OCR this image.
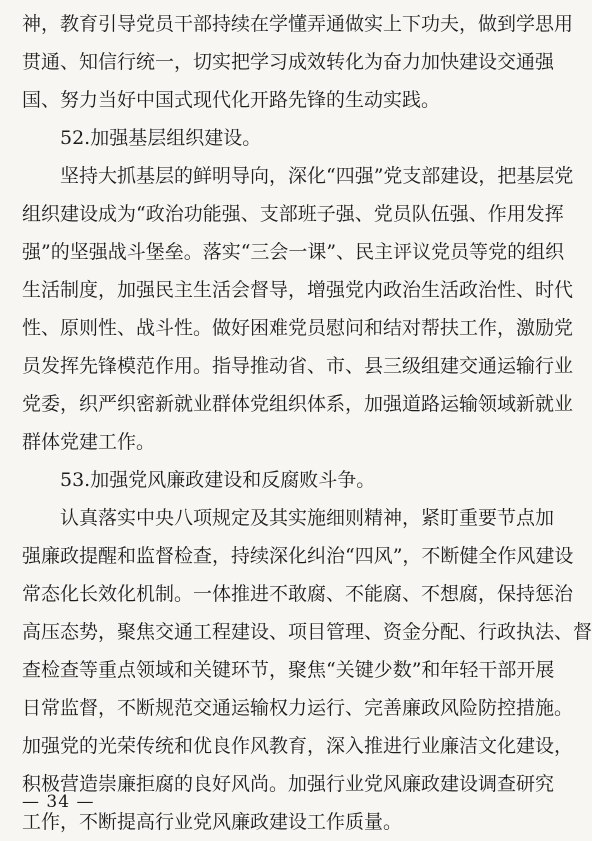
神，教育引导党员干部持续在学懂弄通做实上下功夫，做到学思用
贯通、知信行统一，切实把学习成效转化为奋力加快建设交通强
国、努力当好中国式现代化开路先锋的生动实践。
52.加强基层组织建设。
坚持大抓基层的鲜明导向，深化“四强”党支部建设，把基层党
组织建设成为“政治功能强、支部班子强、党员队伍强、作用发挥
强”的坚强战斗堡垒。落实“三会一课”、民主评议党员等党的组织
生活制度，加强民主生活会督导，增强党内政治生活政治性、时代
性、原则性、战斗性。做好困难党员慰问和结对帮扶工作，激励党
员发挥先锋模范作用。指导推动省、市、县三级组建交通运输行业
党委，织严织密新就业群体党组织体系，加强道路运输领域新就业
群体党建工作。
53.加强党风廉政建设和反腐败斗争。
认真落实中央八项规定及其实施细则精神，紧盯重要节点加
强廉政提醒和监督检查，持续深化纠治“四风”，不断健全作风建设
常态化长效化机制。一体推进不敢腐、不能腐、不想腐，保持惩治
高压态势，聚焦交通工程建设、项目管理、资金分配、行政执法、督
查检查等重点领域和关键环节，聚焦“关键少数”和年轻干部开展
日常监督，不断规范交通运输权力运行、完善廉政风险防控措施。
加强党的光荣传统和优良作风教育，深入推进行业廉洁文化建设，
积极营造崇廉拒腐的良好风尚。加强行业党风廉政建设调查研究
工作，不断提高行业党风廉政建设工作质量。
— 34 —
